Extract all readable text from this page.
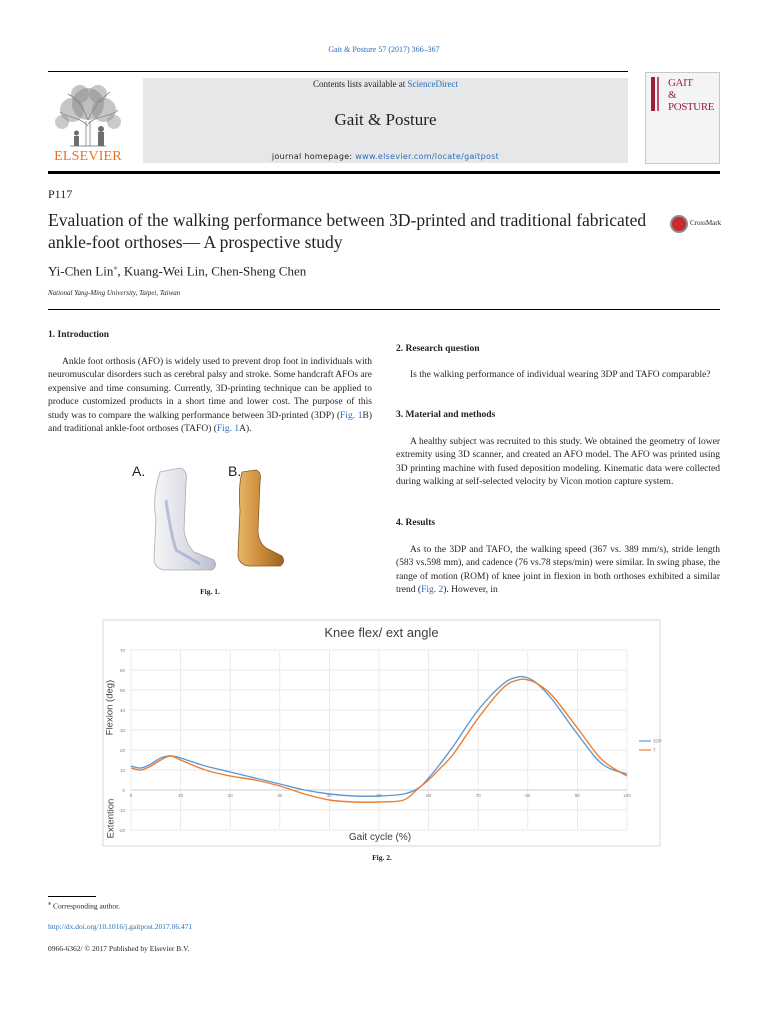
Gait & Posture 57 (2017) 366–367
ELSEVIER
Contents lists available at ScienceDirect
Gait & Posture
journal homepage: www.elsevier.com/locate/gaitpost
GAIT
&
POSTURE
P117
Evaluation of the walking performance between 3D-printed and traditional fabricated ankle-foot orthoses— A prospective study
CrossMark
Yi-Chen Lin⁎, Kuang-Wei Lin, Chen-Sheng Chen
National Yang-Ming University, Taipei, Taiwan
1. Introduction
Ankle foot orthosis (AFO) is widely used to prevent drop foot in individuals with neuromuscular disorders such as cerebral palsy and stroke. Some handcraft AFOs are expensive and time consuming. Currently, 3D-printing technique can be applied to produce customized products in a short time and lower cost. The purpose of this study was to compare the walking performance between 3D-printed (3DP) (Fig. 1B) and traditional ankle-foot orthoses (TAFO) (Fig. 1A).
A.	B.
Fig. 1.
2. Research question
Is the walking performance of individual wearing 3DP and TAFO comparable?
3. Material and methods
A healthy subject was recruited to this study. We obtained the geometry of lower extremity using 3D scanner, and created an AFO model. The AFO was printed using 3D printing machine with fused deposition modeling. Kinematic data were collected during walking at self-selected velocity by Vicon motion capture system.
4. Results
As to the 3DP and TAFO, the walking speed (367 vs. 389 mm/s), stride length (583 vs.598 mm), and cadence (76 vs.78 steps/min) were similar. In swing phase, the range of motion (ROM) of knee joint in flexion in both orthoses exhibited a similar trend (Fig. 2). However, in
70
60
50
40
30
20
10
0
-10
-20
0	10	20	30	40	50	60	70	80	90	100
3DP
T
Knee flex/ ext angle
Flexion (deg)
Extention	Gait cycle (%)
Fig. 2.
⁎ Corresponding author.
http://dx.doi.org/10.1016/j.gaitpost.2017.06.471
0966-6362/ © 2017 Published by Elsevier B.V.
